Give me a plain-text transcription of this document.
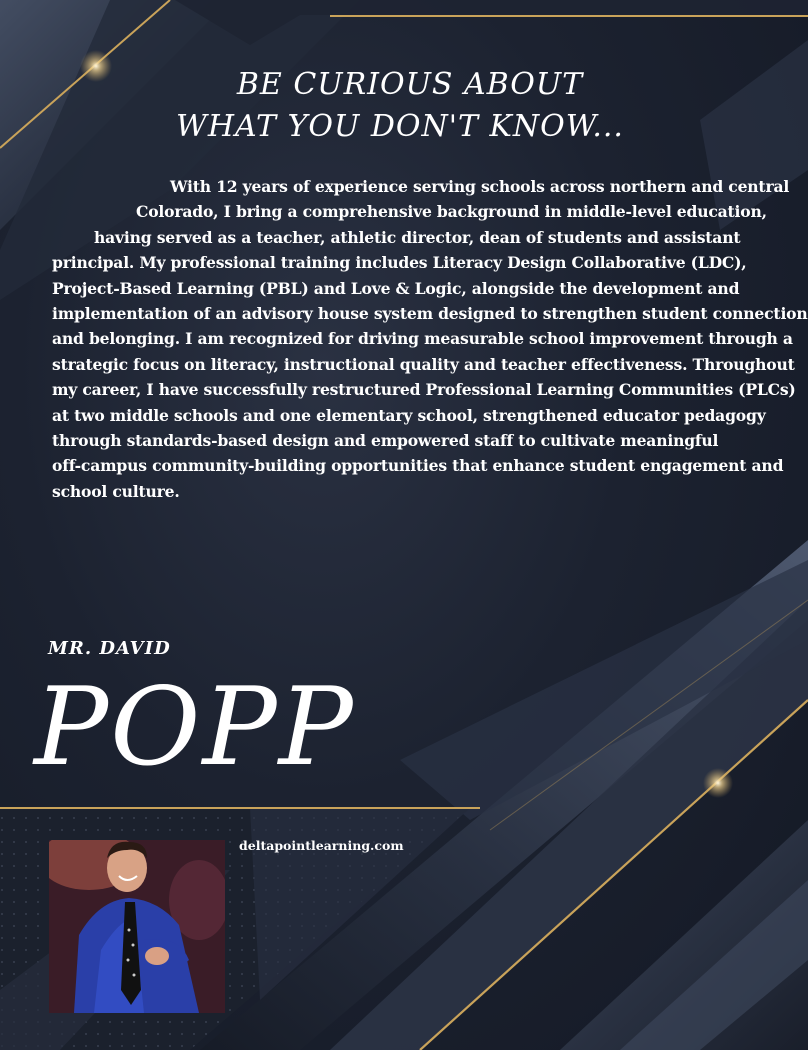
BE CURIOUS ABOUT
WHAT YOU DON'T KNOW...
With 12 years of experience serving schools across northern and central
Colorado, I bring a comprehensive background in middle-level education,
having served as a teacher, athletic director, dean of students and assistant
principal. My professional training includes Literacy Design Collaborative (LDC),
Project-Based Learning (PBL) and Love & Logic, alongside the development and
implementation of an advisory house system designed to strengthen student connection
and belonging. I am recognized for driving measurable school improvement through a
strategic focus on literacy, instructional quality and teacher effectiveness. Throughout
my career, I have successfully restructured Professional Learning Communities (PLCs)
at two middle schools and one elementary school, strengthened educator pedagogy
through standards-based design and empowered staff to cultivate meaningful
off-campus community-building opportunities that enhance student engagement and
school culture.
MR. DAVID
POPP
deltapointlearning.com
